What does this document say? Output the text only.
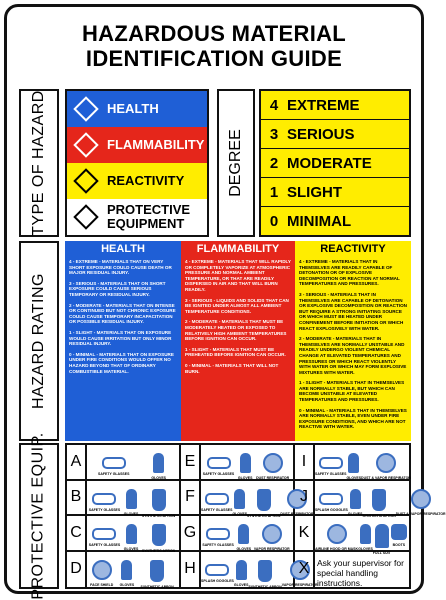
HAZARDOUS MATERIAL
IDENTIFICATION GUIDE
TYPE OF HAZARD	HEALTH
FLAMMABILITY
REACTIVITY
PROTECTIVE EQUIPMENT
DEGREE
4 EXTREME
3 SERIOUS
2 MODERATE
1 SLIGHT
0 MINIMAL
HAZARD RATING
HEALTH

4 - EXTREME - MATERIALS THAT ON VERY SHORT EXPOSURE COULD CAUSE DEATH OR MAJOR RESIDUAL INJURY.

3 - SERIOUS - MATERIALS THAT ON SHORT EXPOSURE COULD CAUSE SERIOUS TEMPORARY OR RESIDUAL INJURY.

2 - MODERATE - MATERIALS THAT ON INTENSE OR CONTINUED BUT NOT CHRONIC EXPOSURE COULD CAUSE TEMPORARY INCAPACITATION OR POSSIBLE RESIDUAL INJURY.

1 - SLIGHT - MATERIALS THAT ON EXPOSURE WOULD CAUSE IRRITATION BUT ONLY MINOR RESIDUAL INJURY.

0 - MINIMAL - MATERIALS THAT ON EXPOSURE UNDER FIRE CONDITIONS WOULD OFFER NO HAZARD BEYOND THAT OF ORDINARY COMBUSTIBLE MATERIAL.

FLAMMABILITY

4 - EXTREME - MATERIALS THAT WILL RAPIDLY OR COMPLETELY VAPORIZE AT ATMOSPHERIC PRESSURE AND NORMAL AMBIENT TEMPERATURE, OR THAT ARE READILY DISPERSED IN AIR AND THAT WILL BURN READILY.

3 - SERIOUS - LIQUIDS AND SOLIDS THAT CAN BE IGNITED UNDER ALMOST ALL AMBIENT TEMPERATURE CONDITIONS.

2 - MODERATE - MATERIALS THAT MUST BE MODERATELY HEATED OR EXPOSED TO RELATIVELY HIGH AMBIENT TEMPERATURES BEFORE IGNITION CAN OCCUR.

1 - SLIGHT - MATERIALS THAT MUST BE PREHEATED BEFORE IGNITION CAN OCCUR.

0 - MINIMAL - MATERIALS THAT WILL NOT BURN.

REACTIVITY

4 - EXTREME - MATERIALS THAT IN THEMSELVES ARE READILY CAPABLE OF DETONATION OR OF EXPLOSIVE DECOMPOSITION OR REACTION AT NORMAL TEMPERATURES AND PRESSURES.

3 - SERIOUS - MATERIALS THAT IN THEMSELVES ARE CAPABLE OF DETONATION OR EXPLOSIVE DECOMPOSITION OR REACTION BUT REQUIRE A STRONG INITIATING SOURCE OR WHICH MUST BE HEATED UNDER CONFINEMENT BEFORE INITIATION OR WHICH REACT EXPLOSIVELY WITH WATER.

2 - MODERATE - MATERIALS THAT IN THEMSELVES ARE NORMALLY UNSTABLE AND READILY UNDERGO VIOLENT CHEMICAL CHANGE AT ELEVATED TEMPERATURES AND PRESSURES OR WHICH REACT VIOLENTLY WITH WATER OR WHICH MAY FORM EXPLOSIVE MIXTURES WITH WATER.

1 - SLIGHT - MATERIALS THAT IN THEMSELVES ARE NORMALLY STABLE, BUT WHICH CAN BECOME UNSTABLE AT ELEVATED TEMPERATURES AND PRESSURES.

0 - MINIMAL - MATERIALS THAT IN THEMSELVES ARE NORMALLY STABLE, EVEN UNDER FIRE EXPOSURE CONDITIONS, AND WHICH ARE NOT REACTIVE WITH WATER.

PROTECTIVE EQUIP. A
SAFETY GLASSES
GLOVES
B
SAFETY GLASSES
GLOVES SYNTHETIC APRON
C
SAFETY GLASSES
GLOVES SYNTHETIC APRON
D
FACE SHIELD GLOVES SYNTHETIC APRON
E
SAFETY GLASSES
GLOVES DUST RESPIRATOR
F
SAFETY GLASSES
GLOVES SYNTHETIC APRON DUST RESPIRATOR
G
SAFETY GLASSES
GLOVES VAPOR RESPIRATOR
H
SPLASH GOGGLES
GLOVES SYNTHETIC APRON VAPOR RESPIRATOR
I
SAFETY GLASSES
GLOVES DUST & VAPOR RESPIRATOR
J
SPLASH GOGGLES
GLOVES SYNTHETIC APRON DUST & VAPOR RESPIRATOR
K
AIRLINE HOOD OR MASK GLOVES
FULL SUIT
BOOTS
X Ask your supervisor for special handling instructions.
